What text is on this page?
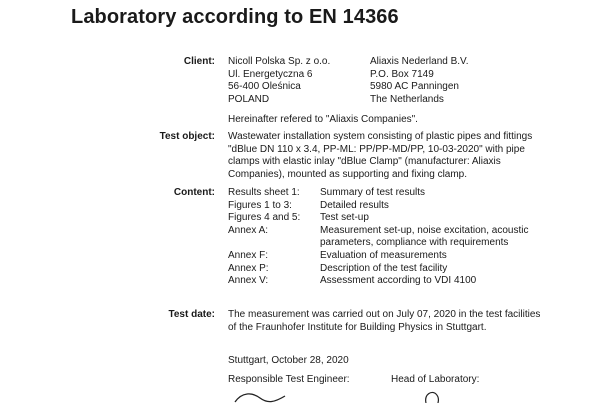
Laboratory according to EN 14366
Client: Nicoll Polska Sp. z o.o.
Ul. Energetyczna 6
56-400 Oleśnica
POLAND
Aliaxis Nederland B.V.
P.O. Box 7149
5980 AC Panningen
The Netherlands
Hereinafter refered to "Aliaxis Companies".
Test object: Wastewater installation system consisting of plastic pipes and fittings
"dBlue DN 110 x 3.4, PP-ML: PP/PP-MD/PP, 10-03-2020" with pipe
clamps with elastic inlay "dBlue Clamp" (manufacturer: Aliaxis
Companies), mounted as supporting and fixing clamp.
Content: Results sheet 1:
Figures 1 to 3:
Figures 4 and 5:
Annex A:
Annex F:
Annex P:
Annex V:
Summary of test results
Detailed results
Test set-up
Measurement set-up, noise excitation, acoustic
parameters, compliance with requirements
Evaluation of measurements
Description of the test facility
Assessment according to VDI 4100
Test date: The measurement was carried out on July 07, 2020 in the test facilities
of the Fraunhofer Institute for Building Physics in Stuttgart.
Stuttgart, October 28, 2020
Responsible Test Engineer:	Head of Laboratory:
